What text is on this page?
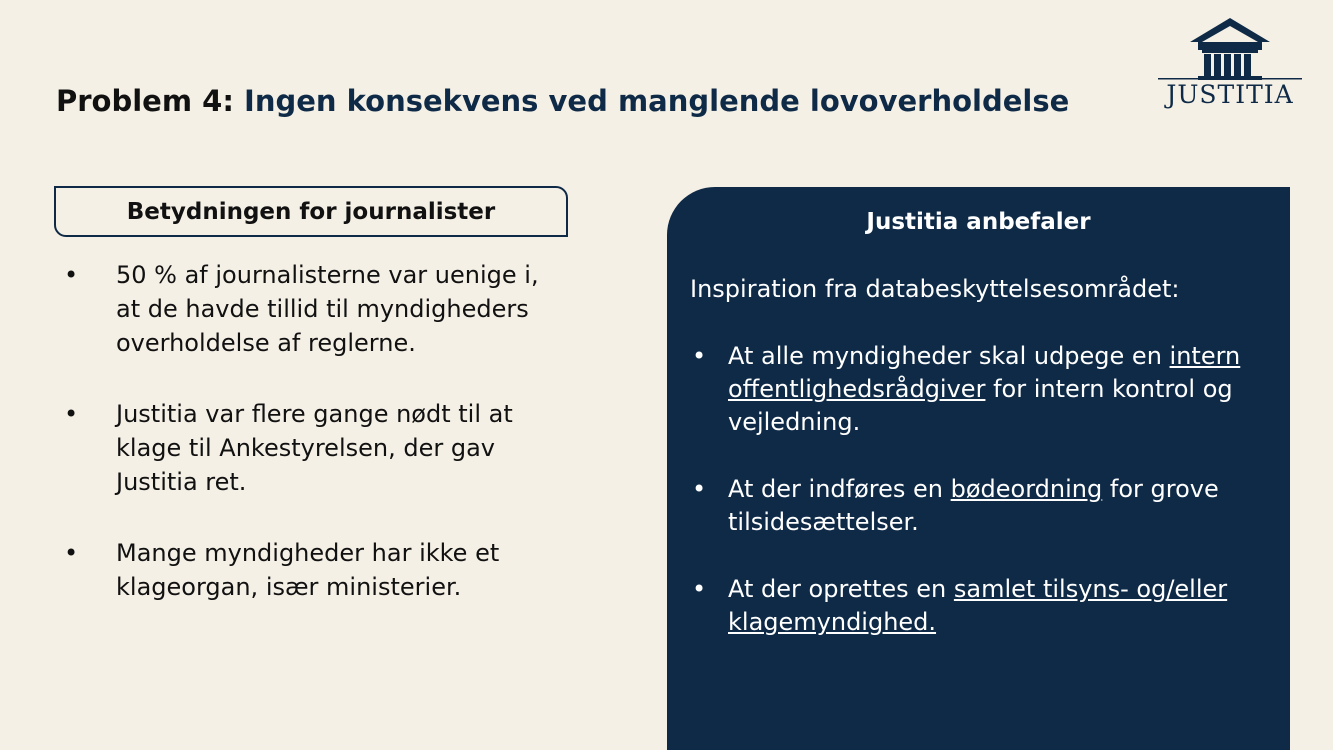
Problem 4: Ingen konsekvens ved manglende lovoverholdelse	JUSTITIA
Betydningen for journalister
• 50 % af journalisterne var uenige i, at de havde tillid til myndigheders overholdelse af reglerne.
• Justitia var flere gange nødt til at klage til Ankestyrelsen, der gav Justitia ret.
• Mange myndigheder har ikke et klageorgan, især ministerier.
Justitia anbefaler
Inspiration fra databeskyttelsesområdet:
• At alle myndigheder skal udpege en intern offentlighedsrådgiver for intern kontrol og vejledning.
• At der indføres en bødeordning for grove tilsidesættelser.
• At der oprettes en samlet tilsyns- og/eller klagemyndighed.
